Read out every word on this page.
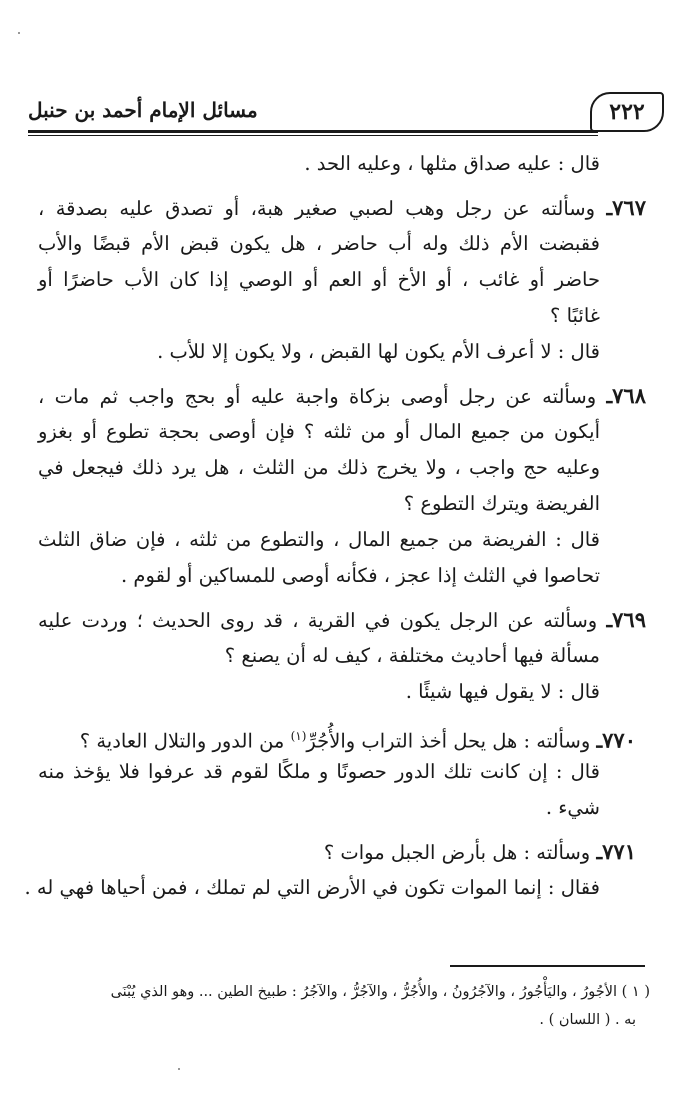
٢٢٢
مسائل الإمام أحمد بن حنبل
قال : عليه صداق مثلها ، وعليه الحد .
٧٦٧ـ وسألته عن رجل وهب لصبي صغير هبة، أو تصدق عليه بصدقة ،
فقبضت الأم ذلك وله أب حاضر ، هل يكون قبض الأم قبضًا والأب
حاضر أو غائب ، أو الأخ أو العم أو الوصي إذا كان الأب حاضرًا أو
غائبًا ؟
قال : لا أعرف الأم يكون لها القبض ، ولا يكون إلا للأب .
٧٦٨ـ وسألته عن رجل أوصى بزكاة واجبة عليه أو بحج واجب ثم مات ،
أيكون من جميع المال أو من ثلثه ؟ فإن أوصى بحجة تطوع أو بغزو
وعليه حج واجب ، ولا يخرج ذلك من الثلث ، هل يرد ذلك فيجعل في
الفريضة ويترك التطوع ؟
قال : الفريضة من جميع المال ، والتطوع من ثلثه ، فإن ضاق الثلث
تحاصوا في الثلث إذا عجز ، فكأنه أوصى للمساكين أو لقوم .
٧٦٩ـ وسألته عن الرجل يكون في القرية ، قد روى الحديث ؛ وردت عليه
مسألة فيها أحاديث مختلفة ، كيف له أن يصنع ؟
قال : لا يقول فيها شيئًا .
٧٧٠ـ وسألته : هل يحل أخذ التراب والأُجُرِّ$^{(١)}$ من الدور والتلال العادية ؟
قال : إن كانت تلك الدور حصونًا و ملكًا لقوم قد عرفوا فلا يؤخذ منه
شيء .
٧٧١ـ وسألته : هل بأرض الجبل موات ؟
فقال : إنما الموات تكون في الأرض التي لم تملك ، فمن أحياها فهي له .
( ١ ) الأجُورُ ، واليَأْجُورُ ، والآجُرُونُ ، والأُجُرُّ ، والآجُرُّ ، والآجُرُ : طبيخ الطين ... وهو الذي يُبْنَى
به . ( اللسان ) .
